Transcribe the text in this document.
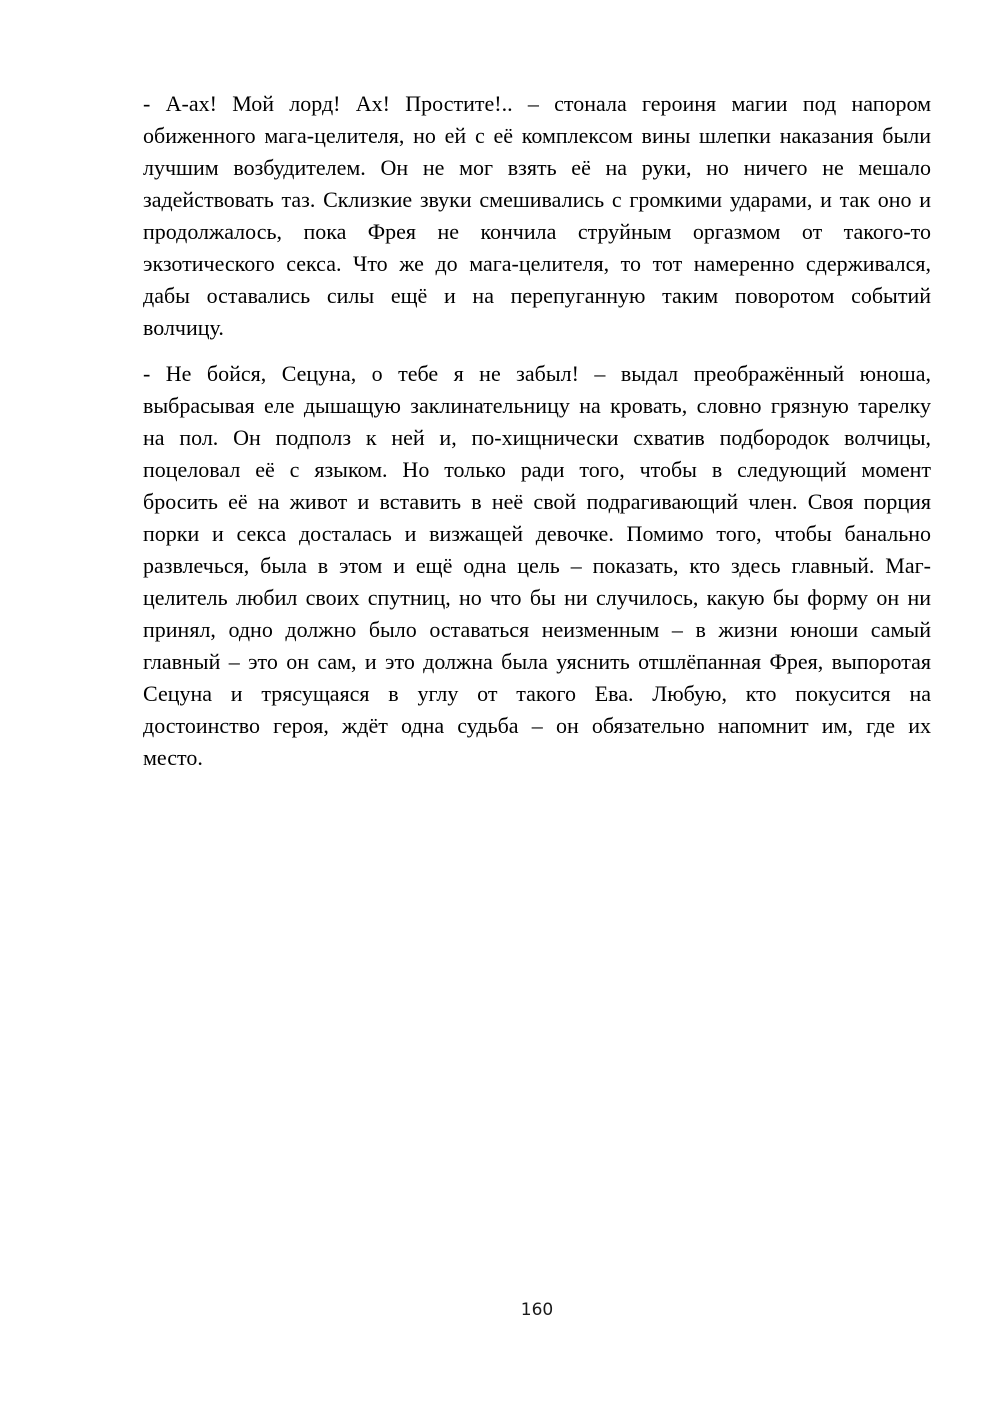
- А-ах! Мой лорд! Ах! Простите!.. – стонала героиня магии под напором обиженного мага-целителя, но ей с её комплексом вины шлепки наказания были лучшим возбудителем. Он не мог взять её на руки, но ничего не мешало задействовать таз. Склизкие звуки смешивались с громкими ударами, и так оно и продолжалось, пока Фрея не кончила струйным оргазмом от такого-то экзотического секса. Что же до мага-целителя, то тот намеренно сдерживался, дабы оставались силы ещё и на перепуганную таким поворотом событий волчицу.

- Не бойся, Сецуна, о тебе я не забыл! – выдал преображённый юноша, выбрасывая еле дышащую заклинательницу на кровать, словно грязную тарелку на пол. Он подполз к ней и, по-хищнически схватив подбородок волчицы, поцеловал её с языком. Но только ради того, чтобы в следующий момент бросить её на живот и вставить в неё свой подрагивающий член. Своя порция порки и секса досталась и визжащей девочке. Помимо того, чтобы банально развлечься, была в этом и ещё одна цель – показать, кто здесь главный. Маг-целитель любил своих спутниц, но что бы ни случилось, какую бы форму он ни принял, одно должно было оставаться неизменным – в жизни юноши самый главный – это он сам, и это должна была уяснить отшлёпанная Фрея, выпоротая Сецуна и трясущаяся в углу от такого Ева. Любую, кто покусится на достоинство героя, ждёт одна судьба – он обязательно напомнит им, где их место.

160
